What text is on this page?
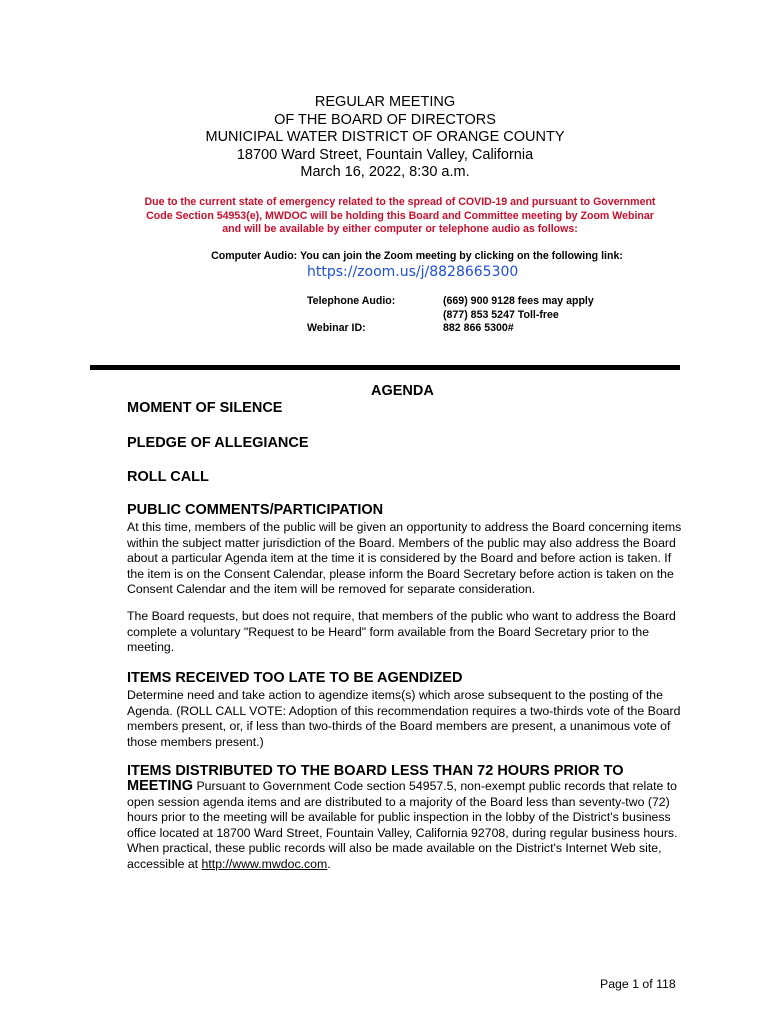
REGULAR MEETING
OF THE BOARD OF DIRECTORS
MUNICIPAL WATER DISTRICT OF ORANGE COUNTY
18700 Ward Street, Fountain Valley, California
March 16, 2022, 8:30 a.m.
Due to the current state of emergency related to the spread of COVID-19 and pursuant to Government
Code Section 54953(e), MWDOC will be holding this Board and Committee meeting by Zoom Webinar
and will be available by either computer or telephone audio as follows:
Computer Audio: You can join the Zoom meeting by clicking on the following link:
https://zoom.us/j/8828665300
Telephone Audio:	(669) 900 9128 fees may apply
(877) 853 5247 Toll-free
Webinar ID:	882 866 5300#
AGENDA
MOMENT OF SILENCE
PLEDGE OF ALLEGIANCE
ROLL CALL
PUBLIC COMMENTS/PARTICIPATION
At this time, members of the public will be given an opportunity to address the Board concerning items within the subject matter jurisdiction of the Board. Members of the public may also address the Board about a particular Agenda item at the time it is considered by the Board and before action is taken. If the item is on the Consent Calendar, please inform the Board Secretary before action is taken on the Consent Calendar and the item will be removed for separate consideration.
The Board requests, but does not require, that members of the public who want to address the Board complete a voluntary "Request to be Heard" form available from the Board Secretary prior to the meeting.
ITEMS RECEIVED TOO LATE TO BE AGENDIZED
Determine need and take action to agendize items(s) which arose subsequent to the posting of the Agenda. (ROLL CALL VOTE: Adoption of this recommendation requires a two-thirds vote of the Board members present, or, if less than two-thirds of the Board members are present, a unanimous vote of those members present.)
ITEMS DISTRIBUTED TO THE BOARD LESS THAN 72 HOURS PRIOR TO
MEETING Pursuant to Government Code section 54957.5, non-exempt public records that relate to open session agenda items and are distributed to a majority of the Board less than seventy-two (72) hours prior to the meeting will be available for public inspection in the lobby of the District's business office located at 18700 Ward Street, Fountain Valley, California 92708, during regular business hours. When practical, these public records will also be made available on the District's Internet Web site, accessible at http://www.mwdoc.com.
Page 1 of 118
